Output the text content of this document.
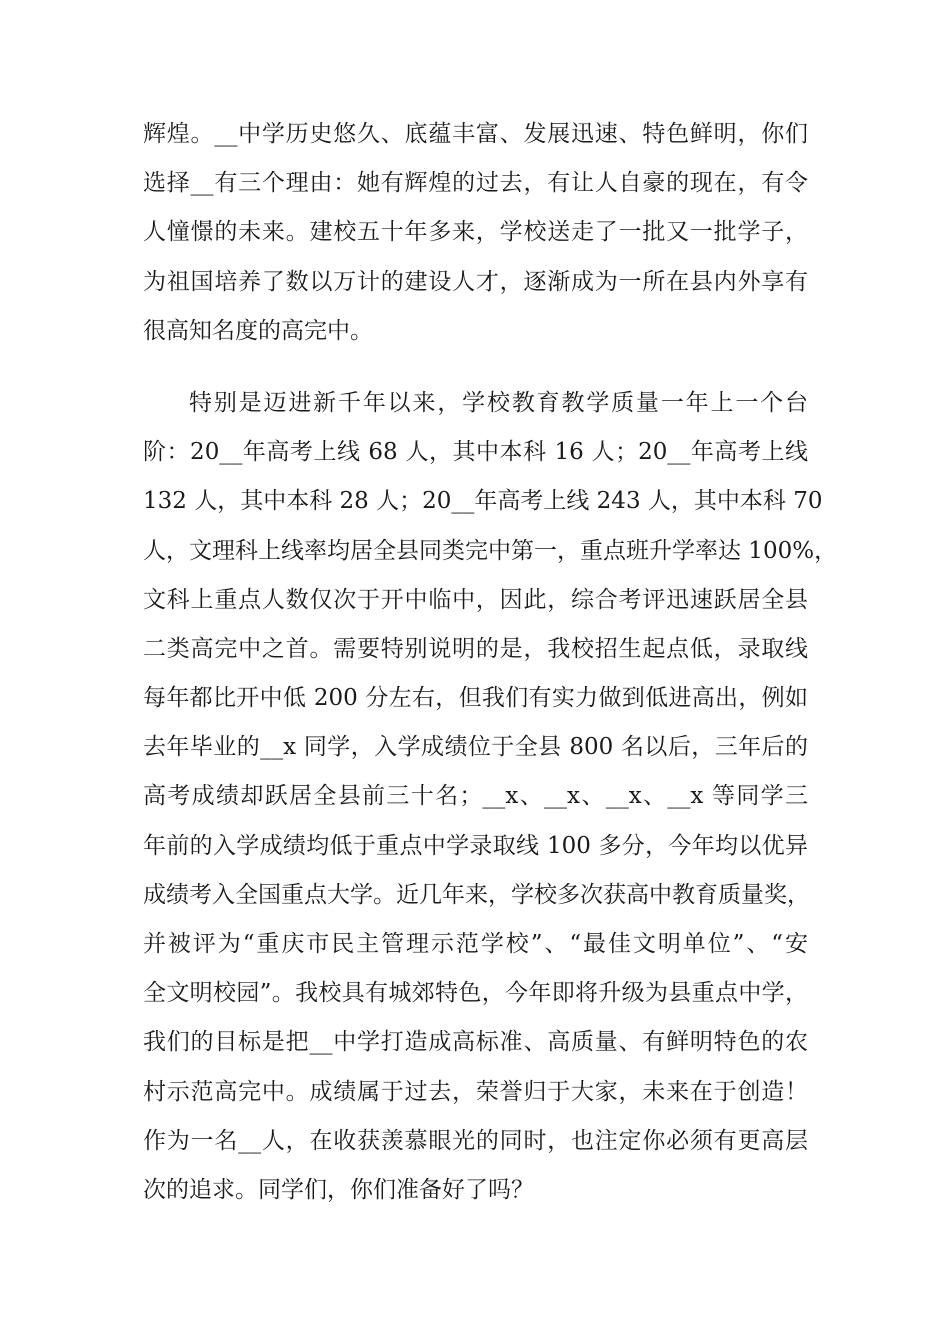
辉煌。__中学历史悠久、底蕴丰富、发展迅速、特色鲜明，你们
选择__有三个理由：她有辉煌的过去，有让人自豪的现在，有令
人憧憬的未来。建校五十年多来，学校送走了一批又一批学子，
为祖国培养了数以万计的建设人才，逐渐成为一所在县内外享有
很高知名度的高完中。
特别是迈进新千年以来，学校教育教学质量一年上一个台
阶：20__年高考上线 68 人，其中本科 16 人；20__年高考上线
132 人，其中本科 28 人；20__年高考上线 243 人，其中本科 70
人，文理科上线率均居全县同类完中第一，重点班升学率达 100%，
文科上重点人数仅次于开中临中，因此，综合考评迅速跃居全县
二类高完中之首。需要特别说明的是，我校招生起点低，录取线
每年都比开中低 200 分左右，但我们有实力做到低进高出，例如
去年毕业的__x 同学，入学成绩位于全县 800 名以后，三年后的
高考成绩却跃居全县前三十名；__x、__x、__x、__x 等同学三
年前的入学成绩均低于重点中学录取线 100 多分，今年均以优异
成绩考入全国重点大学。近几年来，学校多次获高中教育质量奖，
并被评为“重庆市民主管理示范学校”、“最佳文明单位”、“安
全文明校园”。我校具有城郊特色，今年即将升级为县重点中学，
我们的目标是把__中学打造成高标准、高质量、有鲜明特色的农
村示范高完中。成绩属于过去，荣誉归于大家，未来在于创造！
作为一名__人，在收获羡慕眼光的同时，也注定你必须有更高层
次的追求。同学们，你们准备好了吗？
